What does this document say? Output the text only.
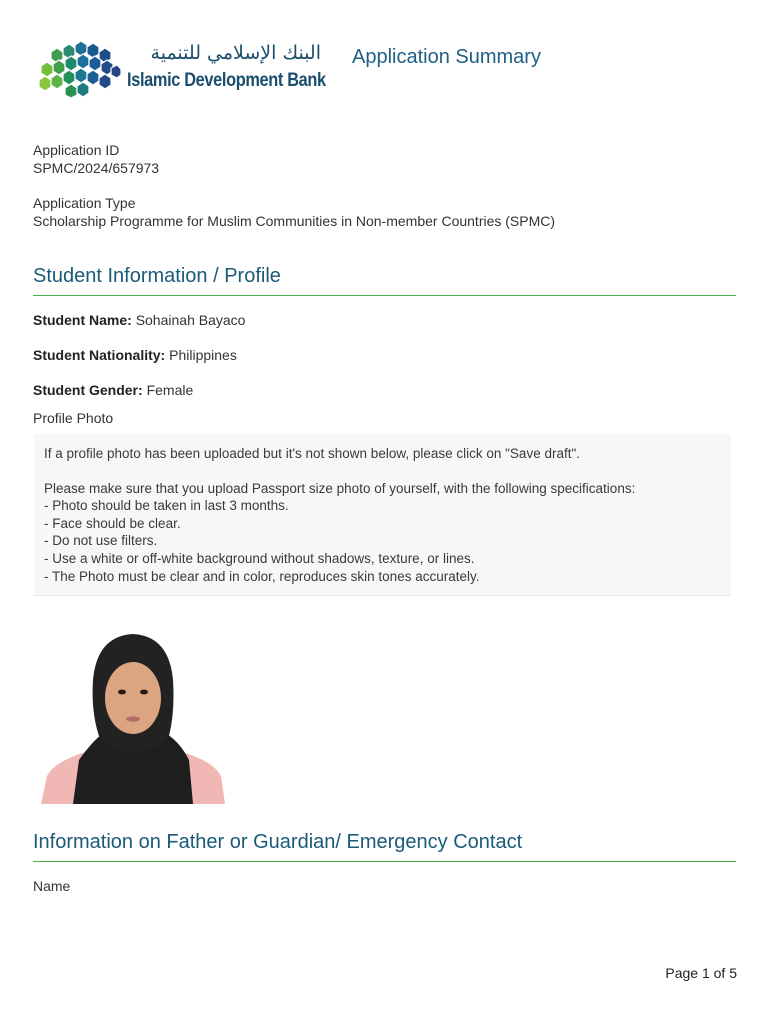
البنك الإسلامي للتنمية
Islamic Development Bank
Application Summary
Application ID
SPMC/2024/657973
Application Type
Scholarship Programme for Muslim Communities in Non-member Countries (SPMC)
Student Information / Profile
Student Name: Sohainah Bayaco
Student Nationality: Philippines
Student Gender: Female
Profile Photo
If a profile photo has been uploaded but it's not shown below, please click on "Save draft".
Please make sure that you upload Passport size photo of yourself, with the following specifications:
- Photo should be taken in last 3 months.
- Face should be clear.
- Do not use filters.
- Use a white or off-white background without shadows, texture, or lines.
- The Photo must be clear and in color, reproduces skin tones accurately.
Information on Father or Guardian/ Emergency Contact
Name
Page 1 of 5
